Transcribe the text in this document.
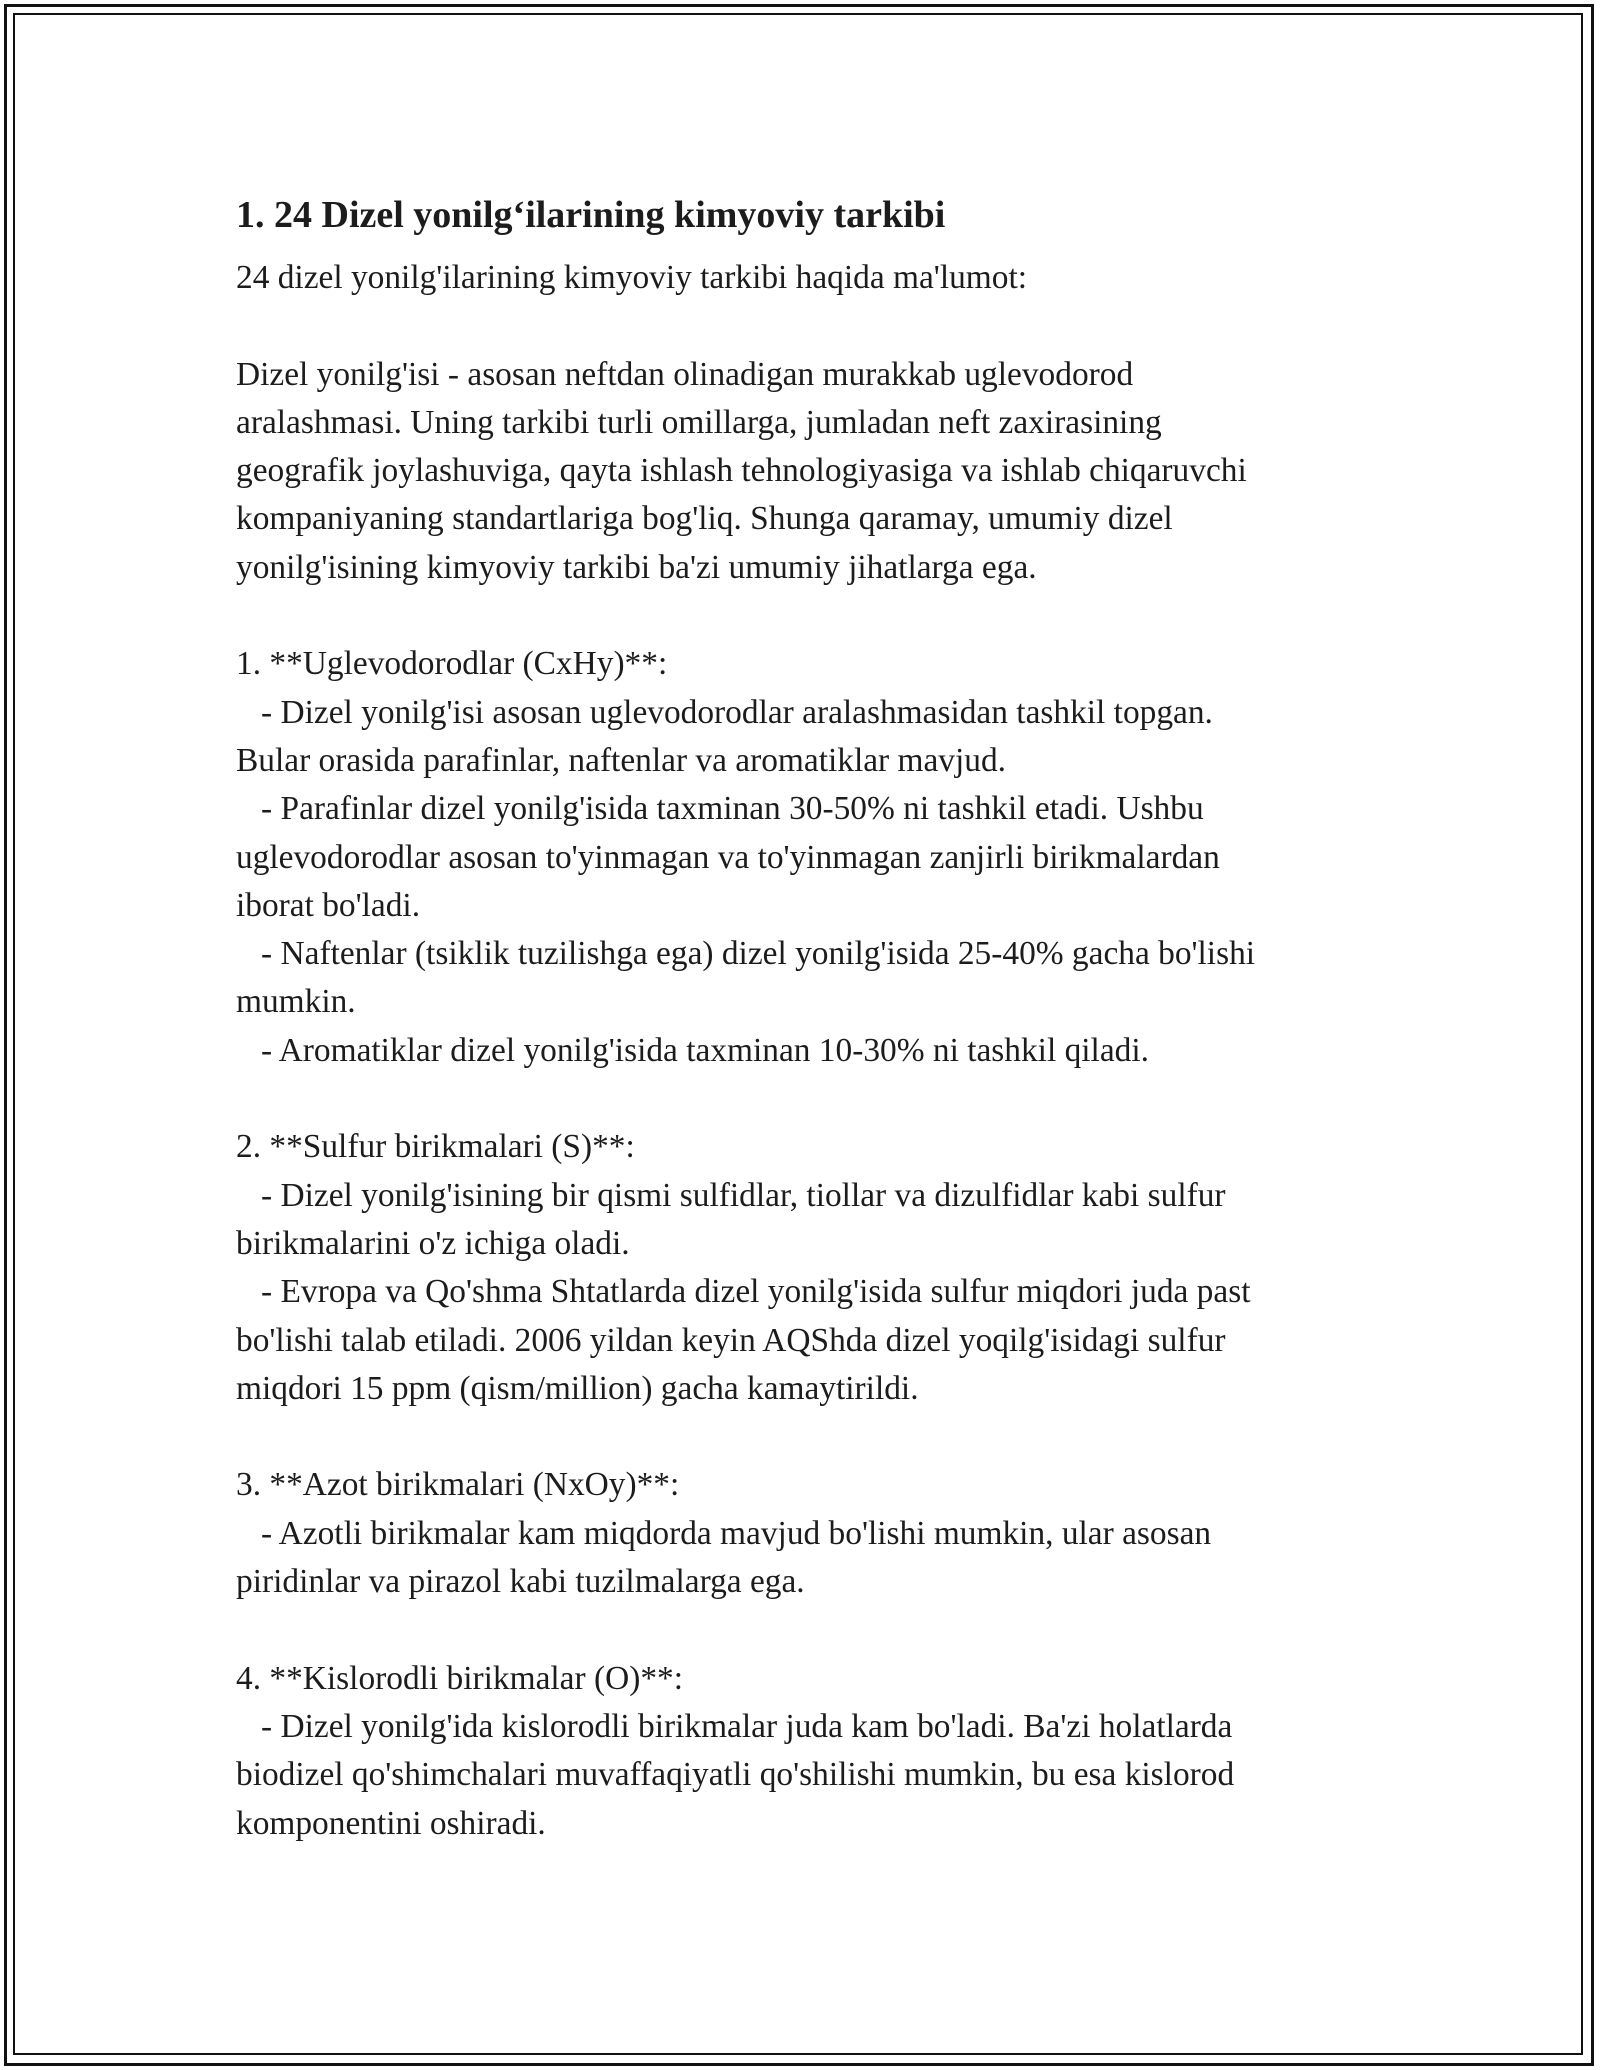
1. 24 Dizel yonilg‘ilarining kimyoviy tarkibi
24 dizel yonilg'ilarining kimyoviy tarkibi haqida ma'lumot:

Dizel yonilg'isi - asosan neftdan olinadigan murakkab uglevodorod
aralashmasi. Uning tarkibi turli omillarga, jumladan neft zaxirasining
geografik joylashuviga, qayta ishlash tehnologiyasiga va ishlab chiqaruvchi
kompaniyaning standartlariga bog'liq. Shunga qaramay, umumiy dizel
yonilg'isining kimyoviy tarkibi ba'zi umumiy jihatlarga ega.

1. **Uglevodorodlar (CxHy)**:
- Dizel yonilg'isi asosan uglevodorodlar aralashmasidan tashkil topgan.
Bular orasida parafinlar, naftenlar va aromatiklar mavjud.
- Parafinlar dizel yonilg'isida taxminan 30-50% ni tashkil etadi. Ushbu
uglevodorodlar asosan to'yinmagan va to'yinmagan zanjirli birikmalardan
iborat bo'ladi.
- Naftenlar (tsiklik tuzilishga ega) dizel yonilg'isida 25-40% gacha bo'lishi
mumkin.
- Aromatiklar dizel yonilg'isida taxminan 10-30% ni tashkil qiladi.

2. **Sulfur birikmalari (S)**:
- Dizel yonilg'isining bir qismi sulfidlar, tiollar va dizulfidlar kabi sulfur
birikmalarini o'z ichiga oladi.
- Evropa va Qo'shma Shtatlarda dizel yonilg'isida sulfur miqdori juda past
bo'lishi talab etiladi. 2006 yildan keyin AQShda dizel yoqilg'isidagi sulfur
miqdori 15 ppm (qism/million) gacha kamaytirildi.

3. **Azot birikmalari (NxOy)**:
- Azotli birikmalar kam miqdorda mavjud bo'lishi mumkin, ular asosan
piridinlar va pirazol kabi tuzilmalarga ega.

4. **Kislorodli birikmalar (O)**:
- Dizel yonilg'ida kislorodli birikmalar juda kam bo'ladi. Ba'zi holatlarda
biodizel qo'shimchalari muvaffaqiyatli qo'shilishi mumkin, bu esa kislorod
komponentini oshiradi.
